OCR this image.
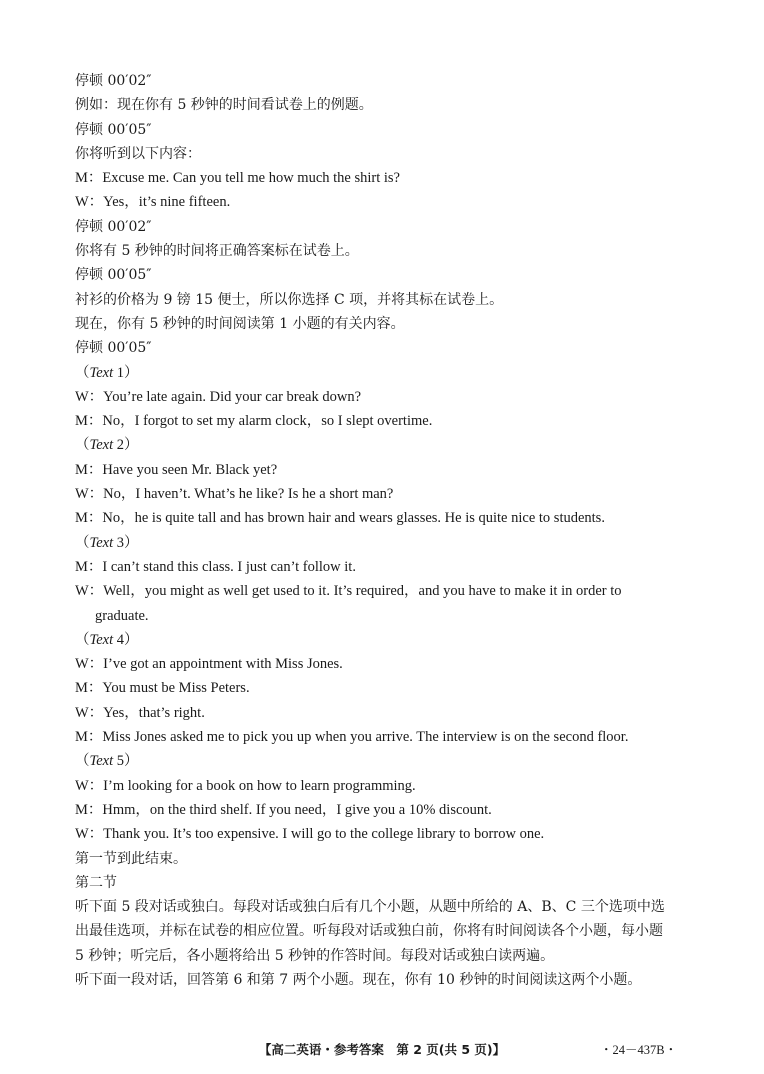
停顿 00′02″
例如：现在你有 5 秒钟的时间看试卷上的例题。
停顿 00′05″
你将听到以下内容：
M：Excuse me. Can you tell me how much the shirt is?
W：Yes，it’s nine fifteen.
停顿 00′02″
你将有 5 秒钟的时间将正确答案标在试卷上。
停顿 00′05″
衬衫的价格为 9 镑 15 便士，所以你选择 C 项，并将其标在试卷上。
现在，你有 5 秒钟的时间阅读第 1 小题的有关内容。
停顿 00′05″
（Text 1）
W：You’re late again. Did your car break down?
M：No，I forgot to set my alarm clock，so I slept overtime.
（Text 2）
M：Have you seen Mr. Black yet?
W：No，I haven’t. What’s he like? Is he a short man?
M：No，he is quite tall and has brown hair and wears glasses. He is quite nice to students.
（Text 3）
M：I can’t stand this class. I just can’t follow it.
W：Well，you might as well get used to it. It’s required，and you have to make it in order to
graduate.
（Text 4）
W：I’ve got an appointment with Miss Jones.
M：You must be Miss Peters.
W：Yes，that’s right.
M：Miss Jones asked me to pick you up when you arrive. The interview is on the second floor.
（Text 5）
W：I’m looking for a book on how to learn programming.
M：Hmm，on the third shelf. If you need，I give you a 10% discount.
W：Thank you. It’s too expensive. I will go to the college library to borrow one.
第一节到此结束。
第二节
听下面 5 段对话或独白。每段对话或独白后有几个小题，从题中所给的 A、B、C 三个选项中选
出最佳选项，并标在试卷的相应位置。听每段对话或独白前，你将有时间阅读各个小题，每小题
5 秒钟；听完后，各小题将给出 5 秒钟的作答时间。每段对话或独白读两遍。
听下面一段对话，回答第 6 和第 7 两个小题。现在，你有 10 秒钟的时间阅读这两个小题。
【高二英语・参考答案　第 2 页(共 5 页)】	・24－437B・
